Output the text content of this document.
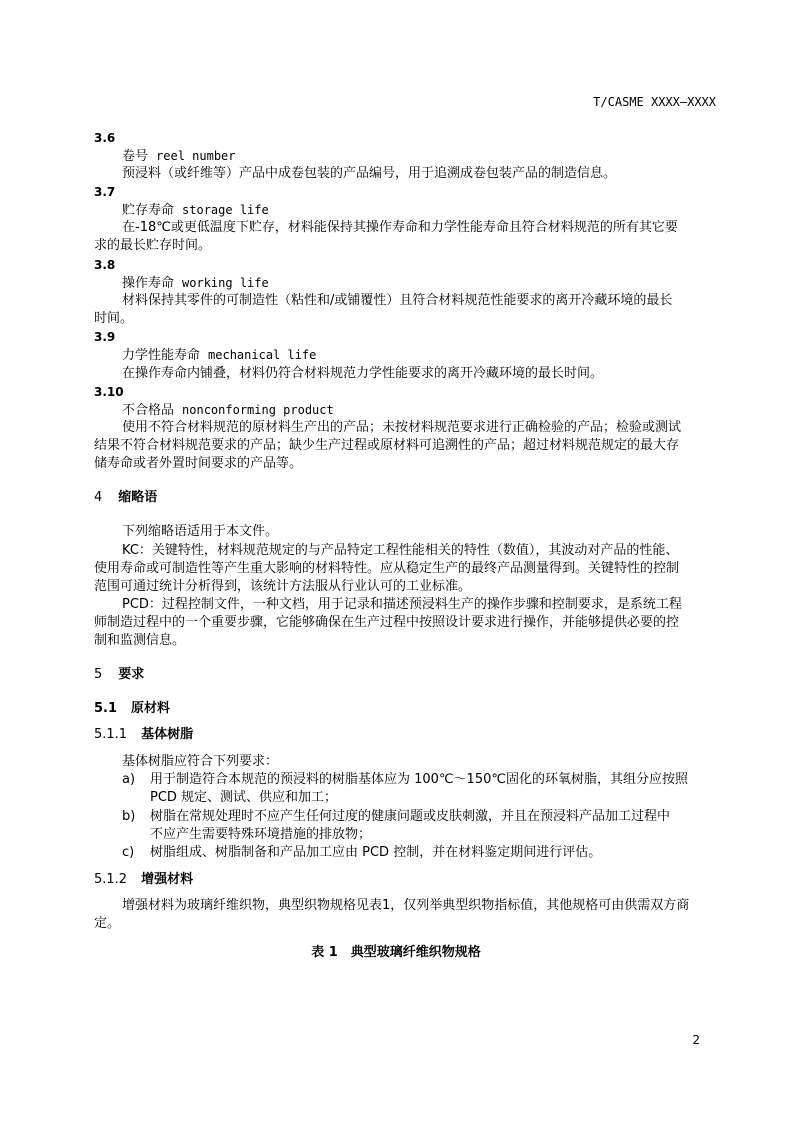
T/CASME XXXX—XXXX
3.6
卷号 reel number
预浸料（或纤维等）产品中成卷包装的产品编号，用于追溯成卷包装产品的制造信息。
3.7
贮存寿命 storage life
在-18℃或更低温度下贮存，材料能保持其操作寿命和力学性能寿命且符合材料规范的所有其它要
求的最长贮存时间。
3.8
操作寿命 working life
材料保持其零件的可制造性（粘性和/或铺覆性）且符合材料规范性能要求的离开冷藏环境的最长
时间。
3.9
力学性能寿命 mechanical life
在操作寿命内铺叠，材料仍符合材料规范力学性能要求的离开冷藏环境的最长时间。
3.10
不合格品 nonconforming product
使用不符合材料规范的原材料生产出的产品；未按材料规范要求进行正确检验的产品；检验或测试
结果不符合材料规范要求的产品；缺少生产过程或原材料可追溯性的产品；超过材料规范规定的最大存
储寿命或者外置时间要求的产品等。
4 缩略语
下列缩略语适用于本文件。
KC：关键特性，材料规范规定的与产品特定工程性能相关的特性（数值），其波动对产品的性能、
使用寿命或可制造性等产生重大影响的材料特性。应从稳定生产的最终产品测量得到。关键特性的控制
范围可通过统计分析得到，该统计方法服从行业认可的工业标准。
PCD：过程控制文件，一种文档，用于记录和描述预浸料生产的操作步骤和控制要求，是系统工程
师制造过程中的一个重要步骤，它能够确保在生产过程中按照设计要求进行操作，并能够提供必要的控
制和监测信息。
5 要求
5.1 原材料
5.1.1 基体树脂
基体树脂应符合下列要求：
a) 用于制造符合本规范的预浸料的树脂基体应为 100℃～150℃固化的环氧树脂，其组分应按照
PCD 规定、测试、供应和加工；
b) 树脂在常规处理时不应产生任何过度的健康问题或皮肤刺激，并且在预浸料产品加工过程中
不应产生需要特殊环境措施的排放物；
c) 树脂组成、树脂制备和产品加工应由 PCD 控制，并在材料鉴定期间进行评估。
5.1.2 增强材料
增强材料为玻璃纤维织物，典型织物规格见表1，仅列举典型织物指标值，其他规格可由供需双方商
定。
表 1　典型玻璃纤维织物规格
2
